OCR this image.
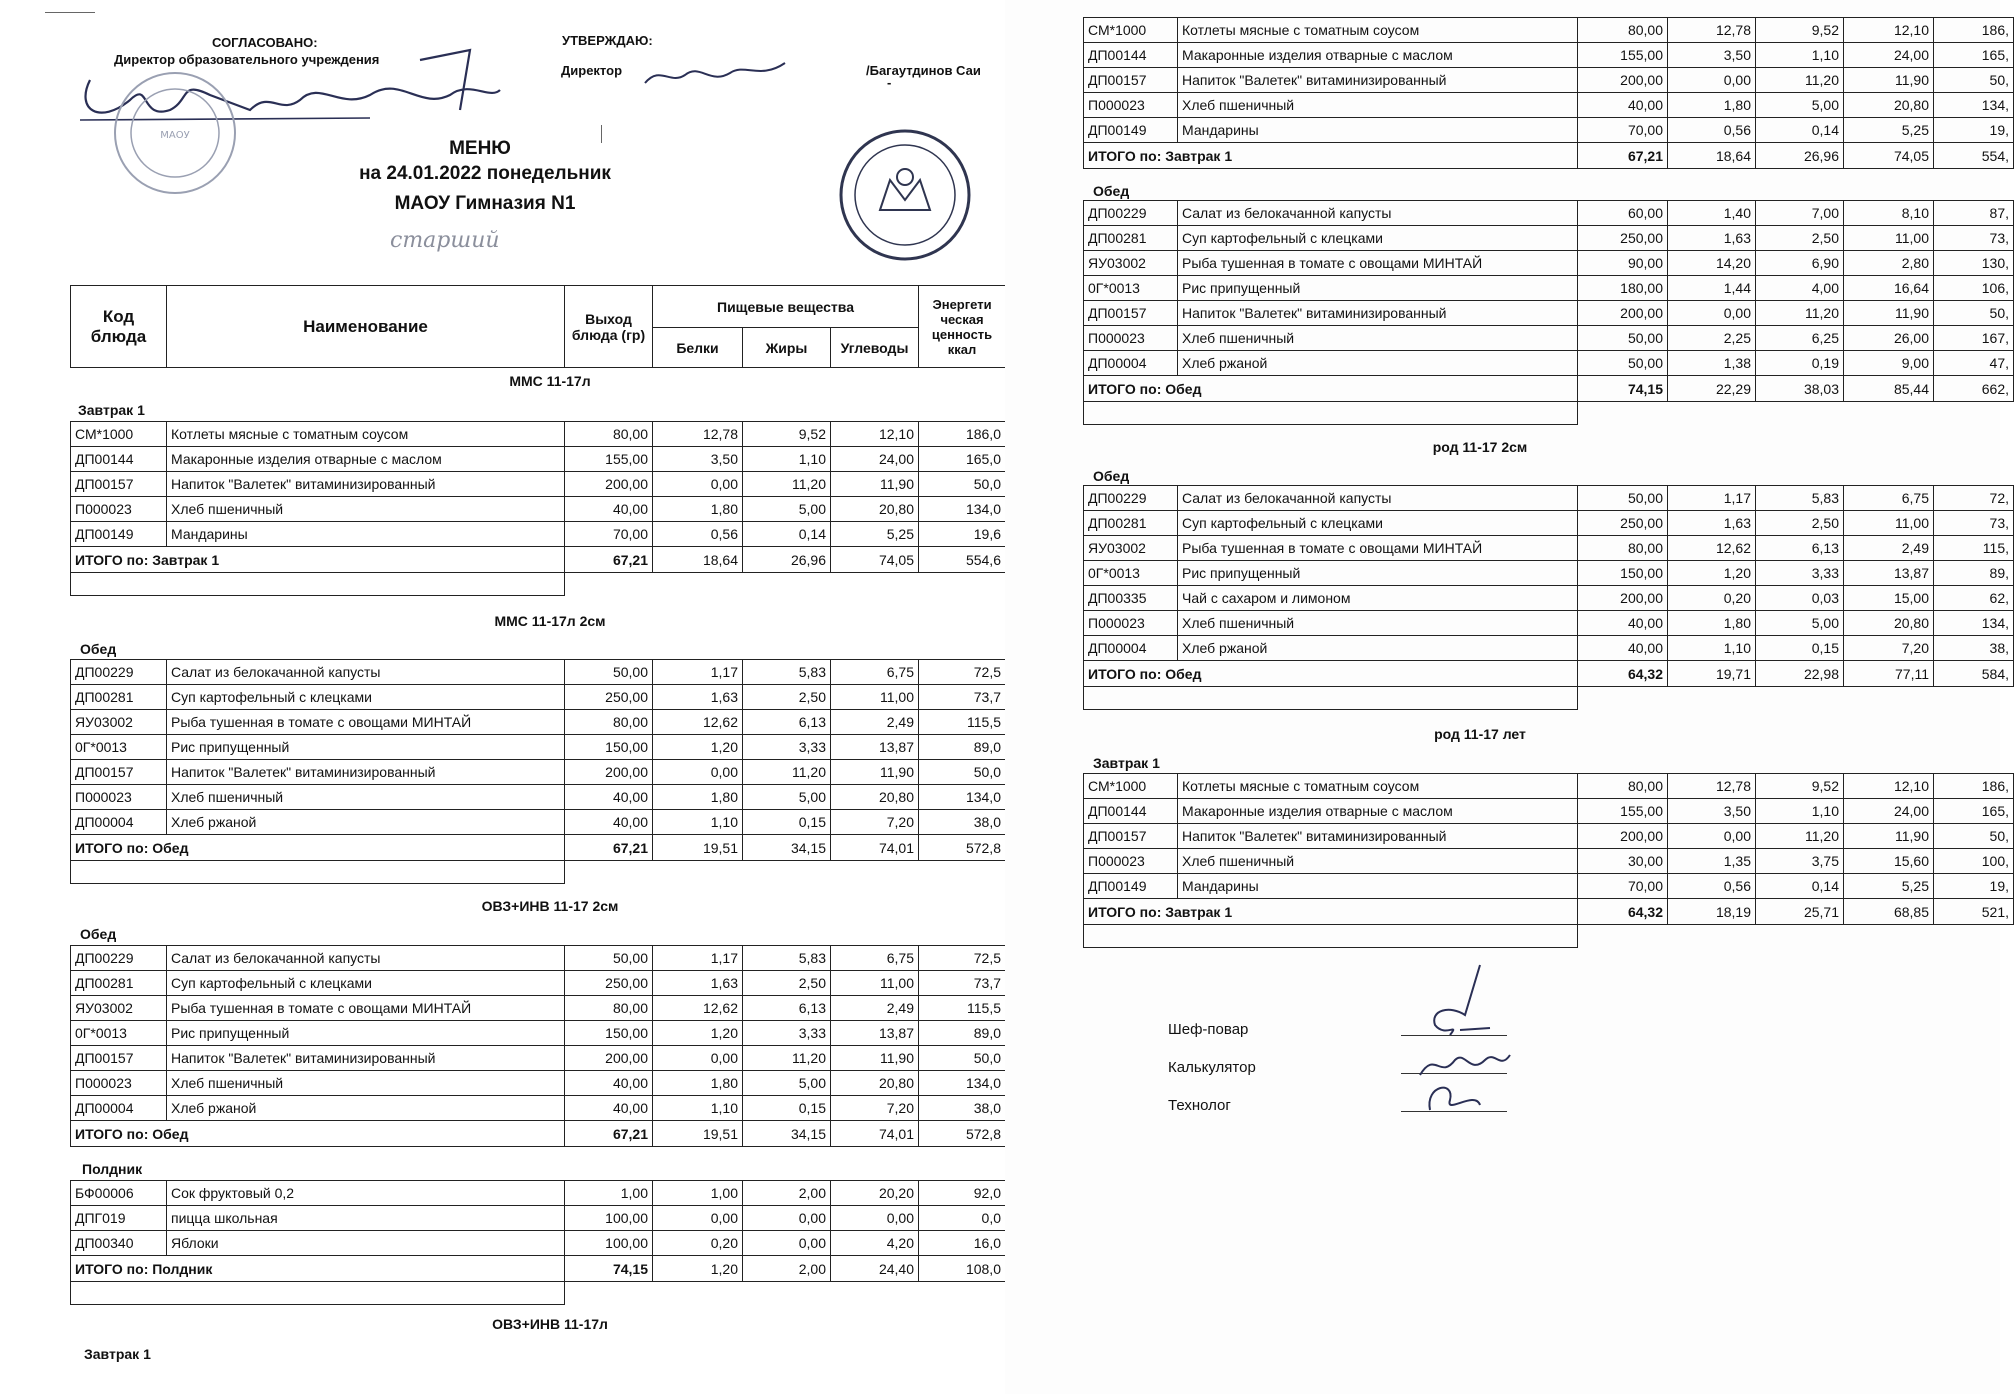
СОГЛАСОВАНО:
Директор образовательного учреждения
УТВЕРЖДАЮ:
Директор	/Багаутдинов Саи
-
МАОУ
МЕНЮ
на 24.01.2022 понедельник
МАОУ Гимназия N1
старший
Код блюда	Наименование	Выход блюда (гр)	Пищевые вещества			Энергети ческая ценность ккал
			Белки	Жиры	Углеводы	
ММС 11-17л
Завтрак 1
СМ*1000	Котлеты мясные с томатным соусом	80,00	12,78	9,52	12,10	186,0
ДП00144	Макаронные изделия отварные с маслом	155,00	3,50	1,10	24,00	165,0
ДП00157	Напиток "Валетек" витаминизированный	200,00	0,00	11,20	11,90	50,0
П000023	Хлеб пшеничный	40,00	1,80	5,00	20,80	134,0
ДП00149	Мандарины	70,00	0,56	0,14	5,25	19,6
ИТОГО по: Завтрак 1		67,21	18,64	26,96	74,05	554,6

ММС 11-17л 2см
Обед
ДП00229	Салат из белокачанной капусты	50,00	1,17	5,83	6,75	72,5
ДП00281	Суп картофельный с клецками	250,00	1,63	2,50	11,00	73,7
ЯУ03002	Рыба тушенная в томате с овощами МИНТАЙ	80,00	12,62	6,13	2,49	115,5
0Г*0013	Рис припущенный	150,00	1,20	3,33	13,87	89,0
ДП00157	Напиток "Валетек" витаминизированный	200,00	0,00	11,20	11,90	50,0
П000023	Хлеб пшеничный	40,00	1,80	5,00	20,80	134,0
ДП00004	Хлеб ржаной	40,00	1,10	0,15	7,20	38,0
ИТОГО по: Обед		67,21	19,51	34,15	74,01	572,8

ОВЗ+ИНВ 11-17 2см
Обед
ДП00229	Салат из белокачанной капусты	50,00	1,17	5,83	6,75	72,5
ДП00281	Суп картофельный с клецками	250,00	1,63	2,50	11,00	73,7
ЯУ03002	Рыба тушенная в томате с овощами МИНТАЙ	80,00	12,62	6,13	2,49	115,5
0Г*0013	Рис припущенный	150,00	1,20	3,33	13,87	89,0
ДП00157	Напиток "Валетек" витаминизированный	200,00	0,00	11,20	11,90	50,0
П000023	Хлеб пшеничный	40,00	1,80	5,00	20,80	134,0
ДП00004	Хлеб ржаной	40,00	1,10	0,15	7,20	38,0
ИТОГО по: Обед		67,21	19,51	34,15	74,01	572,8
Полдник
БФ00006	Сок фруктовый 0,2	1,00	1,00	2,00	20,20	92,0
ДПГ019	пицца школьная	100,00	0,00	0,00	0,00	0,0
ДП00340	Яблоки	100,00	0,20	0,00	4,20	16,0
ИТОГО по: Полдник		74,15	1,20	2,00	24,40	108,0

ОВЗ+ИНВ 11-17л
Завтрак 1
СМ*1000	Котлеты мясные с томатным соусом	80,00	12,78	9,52	12,10	186,
ДП00144	Макаронные изделия отварные с маслом	155,00	3,50	1,10	24,00	165,
ДП00157	Напиток "Валетек" витаминизированный	200,00	0,00	11,20	11,90	50,
П000023	Хлеб пшеничный	40,00	1,80	5,00	20,80	134,
ДП00149	Мандарины	70,00	0,56	0,14	5,25	19,
ИТОГО по: Завтрак 1		67,21	18,64	26,96	74,05	554,
Обед
ДП00229	Салат из белокачанной капусты	60,00	1,40	7,00	8,10	87,
ДП00281	Суп картофельный с клецками	250,00	1,63	2,50	11,00	73,
ЯУ03002	Рыба тушенная в томате с овощами МИНТАЙ	90,00	14,20	6,90	2,80	130,
0Г*0013	Рис припущенный	180,00	1,44	4,00	16,64	106,
ДП00157	Напиток "Валетек" витаминизированный	200,00	0,00	11,20	11,90	50,
П000023	Хлеб пшеничный	50,00	2,25	6,25	26,00	167,
ДП00004	Хлеб ржаной	50,00	1,38	0,19	9,00	47,
ИТОГО по: Обед		74,15	22,29	38,03	85,44	662,

род 11-17 2см
Обед
ДП00229	Салат из белокачанной капусты	50,00	1,17	5,83	6,75	72,
ДП00281	Суп картофельный с клецками	250,00	1,63	2,50	11,00	73,
ЯУ03002	Рыба тушенная в томате с овощами МИНТАЙ	80,00	12,62	6,13	2,49	115,
0Г*0013	Рис припущенный	150,00	1,20	3,33	13,87	89,
ДП00335	Чай с сахаром и лимоном	200,00	0,20	0,03	15,00	62,
П000023	Хлеб пшеничный	40,00	1,80	5,00	20,80	134,
ДП00004	Хлеб ржаной	40,00	1,10	0,15	7,20	38,
ИТОГО по: Обед		64,32	19,71	22,98	77,11	584,

род 11-17 лет
Завтрак 1
СМ*1000	Котлеты мясные с томатным соусом	80,00	12,78	9,52	12,10	186,
ДП00144	Макаронные изделия отварные с маслом	155,00	3,50	1,10	24,00	165,
ДП00157	Напиток "Валетек" витаминизированный	200,00	0,00	11,20	11,90	50,
П000023	Хлеб пшеничный	30,00	1,35	3,75	15,60	100,
ДП00149	Мандарины	70,00	0,56	0,14	5,25	19,
ИТОГО по: Завтрак 1		64,32	18,19	25,71	68,85	521,

Шеф-повар
Калькулятор
Технолог
